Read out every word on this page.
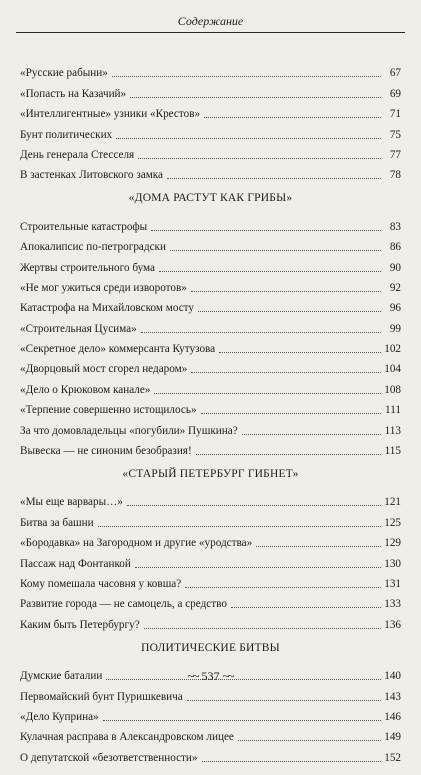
Содержание
«Русские рабыни»	67
«Попасть на Казачий»	69
«Интеллигентные» узники «Крестов»	71
Бунт политических	75
День генерала Стесселя	77
В застенках Литовского замка	78
«ДОМА РАСТУТ КАК ГРИБЫ»
Строительные катастрофы	83
Апокалипсис по-петроградски	86
Жертвы строительного бума	90
«Не мог ужиться среди изворотов»	92
Катастрофа на Михайловском мосту	96
«Строительная Цусима»	99
«Секретное дело» коммерсанта Кутузова	102
«Дворцовый мост сгорел недаром»	104
«Дело о Крюковом канале»	108
«Терпение совершенно истощилось»	111
За что домовладельцы «погубили» Пушкина?	113
Вывеска — не синоним безобразия!	115
«СТАРЫЙ ПЕТЕРБУРГ ГИБНЕТ»
«Мы еще варвары…»	121
Битва за башни	125
«Бородавка» на Загородном и другие «уродства»	129
Пассаж над Фонтанкой	130
Кому помешала часовня у ковша?	131
Развитие города — не самоцель, а средство	133
Каким быть Петербургу?	136
ПОЛИТИЧЕСКИЕ БИТВЫ
Думские баталии	140
Первомайский бунт Пуришкевича	143
«Дело Куприна»	146
Кулачная расправа в Александровском лицее	149
О депутатской «безответственности»	152
~~ 537 ~~
